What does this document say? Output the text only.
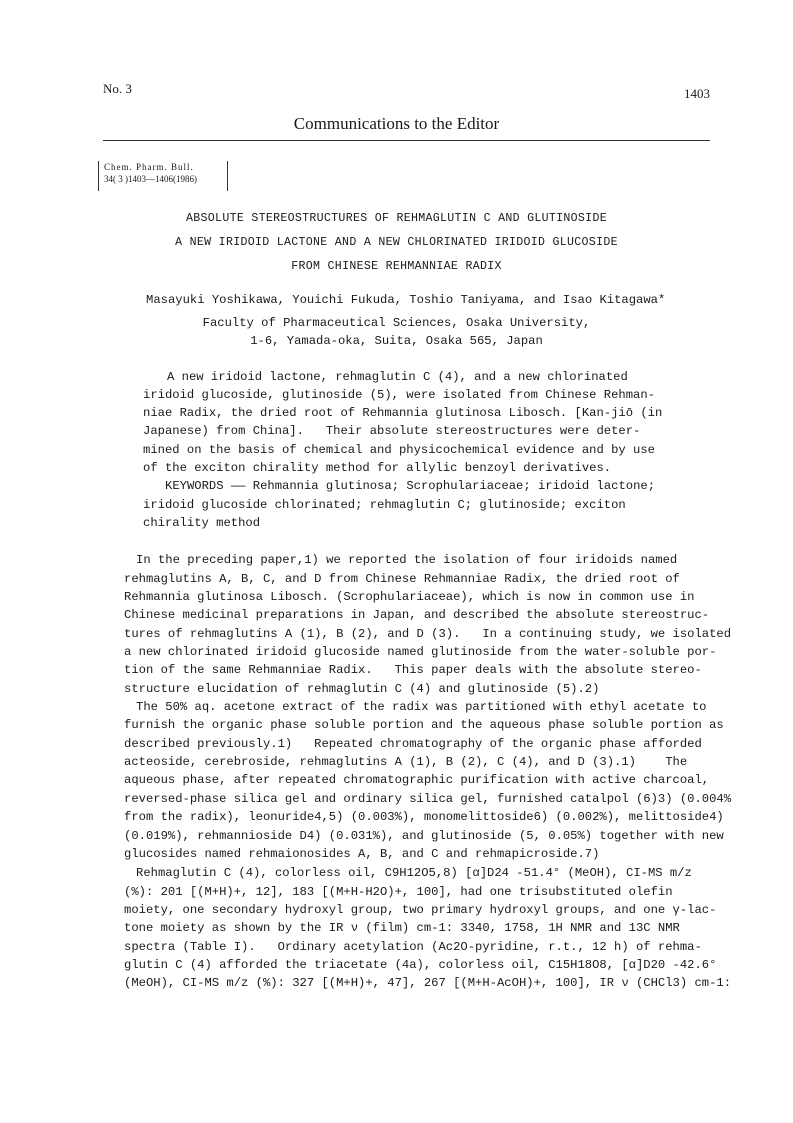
No. 3	1403
Communications to the Editor
Chem. Pharm. Bull.
34( 3 )1403—1406(1986)
ABSOLUTE STEREOSTRUCTURES OF REHMAGLUTIN C AND GLUTINOSIDE
A NEW IRIDOID LACTONE AND A NEW CHLORINATED IRIDOID GLUCOSIDE
FROM CHINESE REHMANNIAE RADIX
Masayuki Yoshikawa, Youichi Fukuda, Toshio Taniyama, and Isao Kitagawa*
Faculty of Pharmaceutical Sciences, Osaka University,
1-6, Yamada-oka, Suita, Osaka 565, Japan
A new iridoid lactone, rehmaglutin C (4), and a new chlorinated
iridoid glucoside, glutinoside (5), were isolated from Chinese Rehman-
niae Radix, the dried root of Rehmannia glutinosa Libosch. [Kan-jiō (in
Japanese) from China].   Their absolute stereostructures were deter-
mined on the basis of chemical and physicochemical evidence and by use
of the exciton chirality method for allylic benzoyl derivatives.
KEYWORDS —— Rehmannia glutinosa; Scrophulariaceae; iridoid lactone;
iridoid glucoside chlorinated; rehmaglutin C; glutinoside; exciton
chirality method
In the preceding paper,1) we reported the isolation of four iridoids named
rehmaglutins A, B, C, and D from Chinese Rehmanniae Radix, the dried root of
Rehmannia glutinosa Libosch. (Scrophulariaceae), which is now in common use in
Chinese medicinal preparations in Japan, and described the absolute stereostruc-
tures of rehmaglutins A (1), B (2), and D (3).   In a continuing study, we isolated
a new chlorinated iridoid glucoside named glutinoside from the water-soluble por-
tion of the same Rehmanniae Radix.   This paper deals with the absolute stereo-
structure elucidation of rehmaglutin C (4) and glutinoside (5).2)
The 50% aq. acetone extract of the radix was partitioned with ethyl acetate to
furnish the organic phase soluble portion and the aqueous phase soluble portion as
described previously.1)   Repeated chromatography of the organic phase afforded
acteoside, cerebroside, rehmaglutins A (1), B (2), C (4), and D (3).1)    The
aqueous phase, after repeated chromatographic purification with active charcoal,
reversed-phase silica gel and ordinary silica gel, furnished catalpol (6)3) (0.004%
from the radix), leonuride4,5) (0.003%), monomelittoside6) (0.002%), melittoside4)
(0.019%), rehmannioside D4) (0.031%), and glutinoside (5, 0.05%) together with new
glucosides named rehmaionosides A, B, and C and rehmapicroside.7)
Rehmaglutin C (4), colorless oil, C9H12O5,8) [α]D24 -51.4° (MeOH), CI-MS m/z
(%): 201 [(M+H)+, 12], 183 [(M+H-H2O)+, 100], had one trisubstituted olefin
moiety, one secondary hydroxyl group, two primary hydroxyl groups, and one γ-lac-
tone moiety as shown by the IR ν (film) cm-1: 3340, 1758, 1H NMR and 13C NMR
spectra (Table I).   Ordinary acetylation (Ac2O-pyridine, r.t., 12 h) of rehma-
glutin C (4) afforded the triacetate (4a), colorless oil, C15H18O8, [α]D20 -42.6°
(MeOH), CI-MS m/z (%): 327 [(M+H)+, 47], 267 [(M+H-AcOH)+, 100], IR ν (CHCl3) cm-1:
